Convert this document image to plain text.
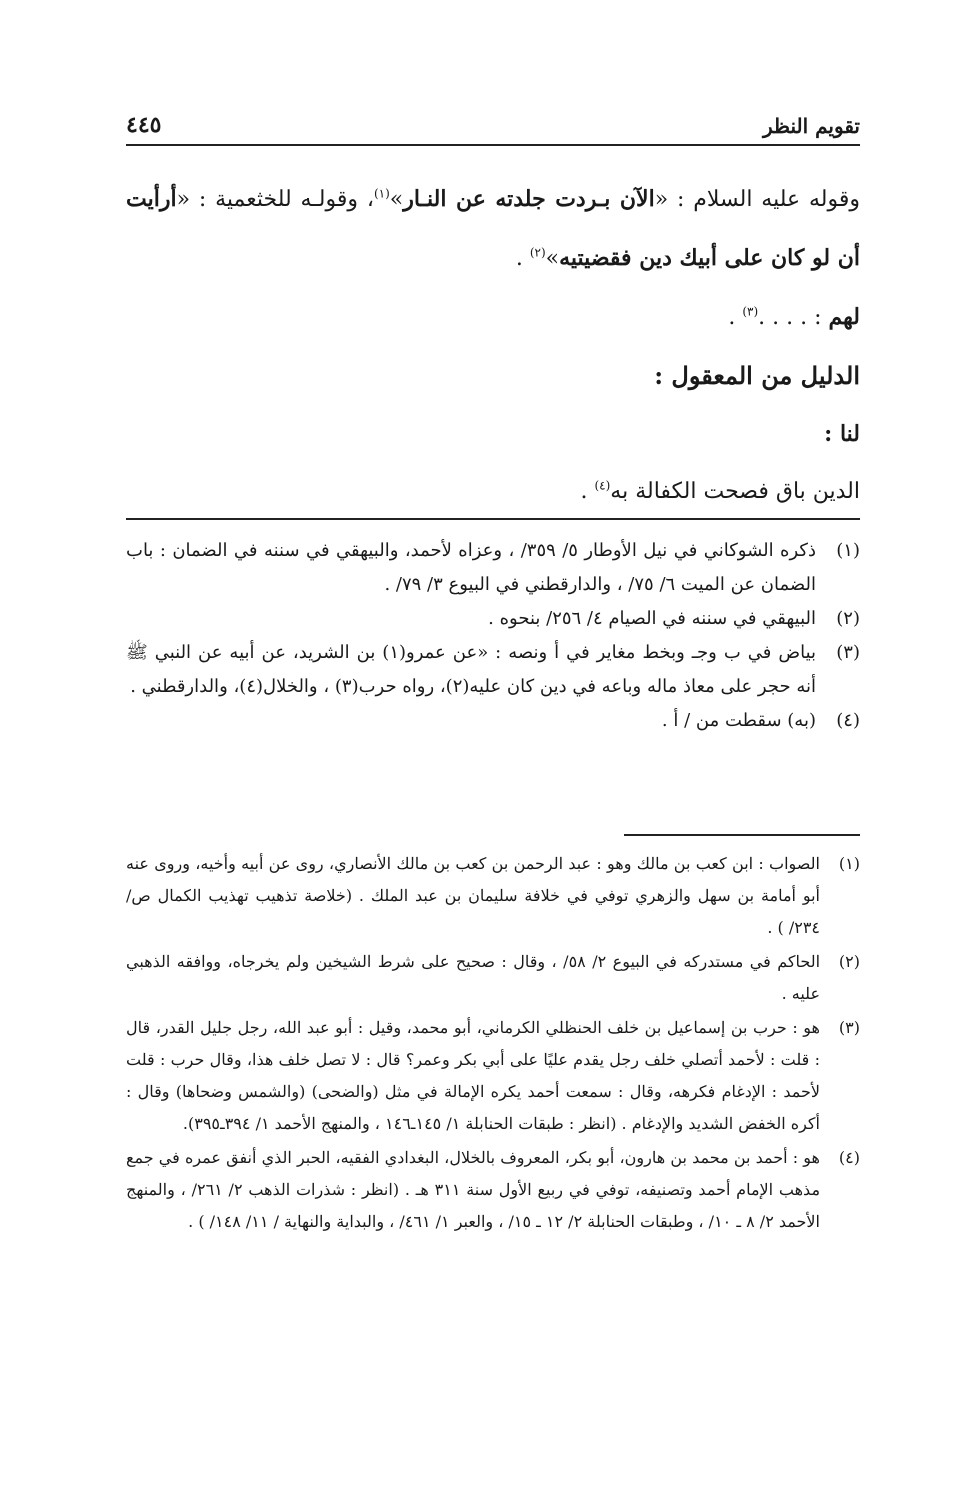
تقويم النظر
٤٤٥

وقوله عليه السلام : «الآن بـردت جلدته عن النـار»$^{(١)}$، وقولـه للخثعمية : «أرأيت أن لو كان على أبيك دين فقضيتيه»$^{(٢)}$ .

لهم : . . . .$^{(٣)}$ .

الدليل من المعقول :

لنا :

الدين باق فصحت الكفالة به$^{(٤)}$ .

(١)
ذكره الشوكاني في نيل الأوطار ٥/ ٣٥٩/ ، وعزاه لأحمد، والبيهقي في سننه في الضمان : باب الضمان عن الميت ٦/ ٧٥/ ، والدارقطني في البيوع ٣/ ٧٩/ .
(٢)
البيهقي في سننه في الصيام ٤/ ٢٥٦/ بنحوه .
(٣)
بياض في ب وجـ وبخط مغاير في أ ونصه : «عن عمرو(١) بن الشريد، عن أبيه عن النبي ﷺ أنه حجر على معاذ ماله وباعه في دين كان عليه(٢)، رواه حرب(٣) ، والخلال(٤)، والدارقطني .
(٤)
(به) سقطت من / أ .
(١)
الصواب : ابن كعب بن مالك وهو : عبد الرحمن بن كعب بن مالك الأنصاري، روى عن أبيه وأخيه، وروى عنه أبو أمامة بن سهل والزهري توفي في خلافة سليمان بن عبد الملك . (خلاصة تذهيب تهذيب الكمال ص/ ٢٣٤/ ) .
(٢)
الحاكم في مستدركه في البيوع ٢/ ٥٨/ ، وقال : صحيح على شرط الشيخين ولم يخرجاه، ووافقه الذهبي عليه .
(٣)
هو : حرب بن إسماعيل بن خلف الحنظلي الكرماني، أبو محمد، وقيل : أبو عبد الله، رجل جليل القدر، قال : قلت : لأحمد أتصلي خلف رجل يقدم عليًا على أبي بكر وعمر؟ قال : لا تصل خلف هذا، وقال حرب : قلت لأحمد : الإدغام فكرهه، وقال : سمعت أحمد يكره الإمالة في مثل (والضحى) (والشمس وضحاها) وقال : أكره الخفض الشديد والإدغام . (انظر : طبقات الحنابلة ١/ ١٤٥ـ١٤٦ ، والمنهج الأحمد ١/ ٣٩٤ـ٣٩٥).
(٤)
هو : أحمد بن محمد بن هارون، أبو بكر، المعروف بالخلال، البغدادي الفقيه، الحبر الذي أنفق عمره في جمع مذهب الإمام أحمد وتصنيفه، توفي في ربيع الأول سنة ٣١١ هـ . (انظر : شذرات الذهب ٢/ ٢٦١/ ، والمنهج الأحمد ٢/ ٨ ـ ١٠/ ، وطبقات الحنابلة ٢/ ١٢ ـ ١٥/ ، والعبر ١/ ٤٦١/ ، والبداية والنهاية / ١١/ ١٤٨/ ) .
